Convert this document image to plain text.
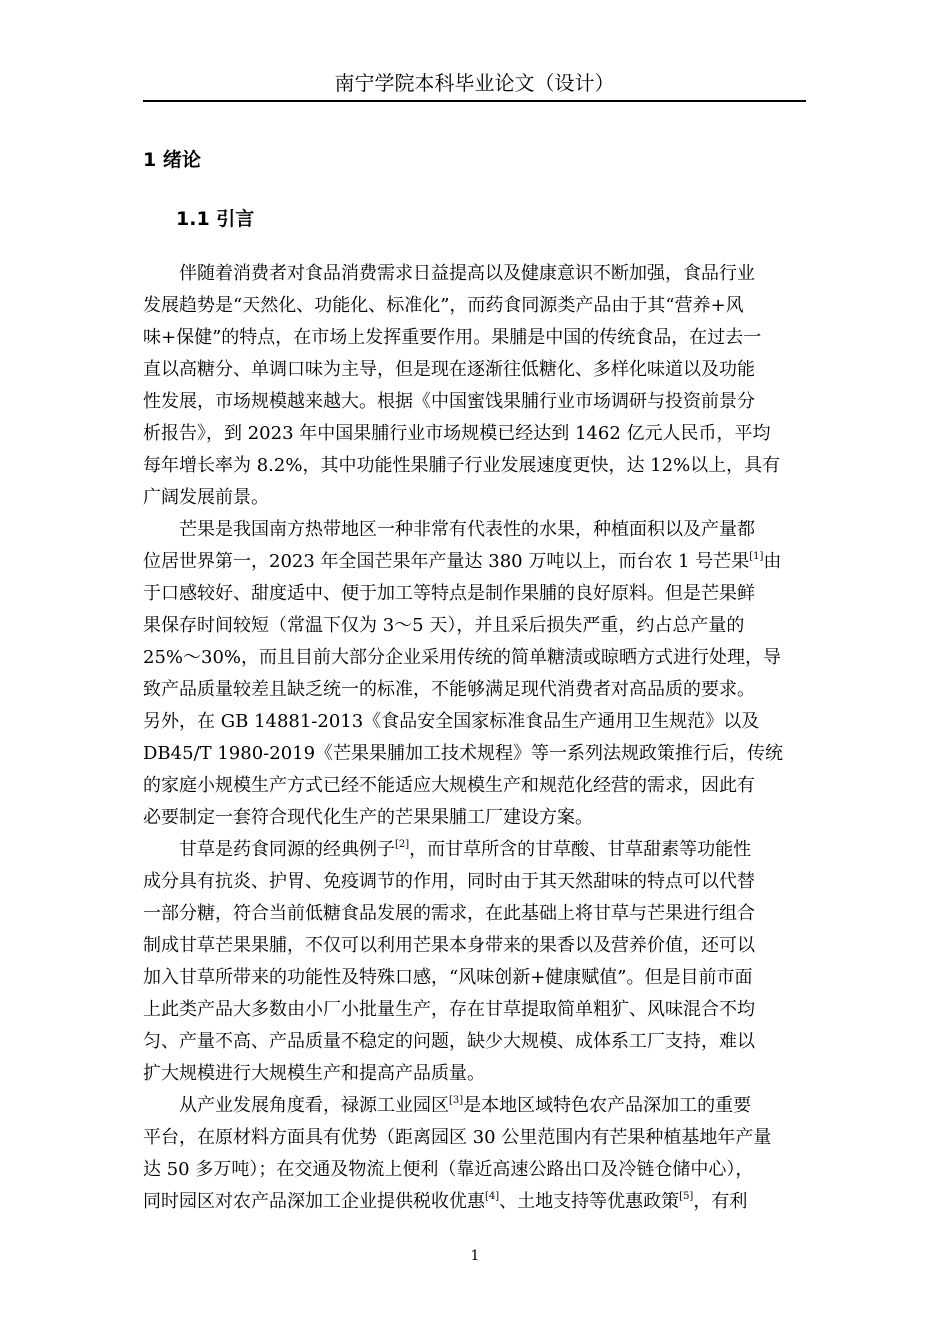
南宁学院本科毕业论文（设计）
1 绪论
1.1 引言
伴随着消费者对食品消费需求日益提高以及健康意识不断加强，食品行业
发展趋势是“天然化、功能化、标准化”，而药食同源类产品由于其“营养+风
味+保健”的特点，在市场上发挥重要作用。果脯是中国的传统食品，在过去一
直以高糖分、单调口味为主导，但是现在逐渐往低糖化、多样化味道以及功能
性发展，市场规模越来越大。根据《中国蜜饯果脯行业市场调研与投资前景分
析报告》，到 2023 年中国果脯行业市场规模已经达到 1462 亿元人民币，平均
每年增长率为 8.2%，其中功能性果脯子行业发展速度更快，达 12%以上，具有
广阔发展前景。
芒果是我国南方热带地区一种非常有代表性的水果，种植面积以及产量都
位居世界第一，2023 年全国芒果年产量达 380 万吨以上，而台农 1 号芒果[1]由
于口感较好、甜度适中、便于加工等特点是制作果脯的良好原料。但是芒果鲜
果保存时间较短（常温下仅为 3～5 天），并且采后损失严重，约占总产量的
25%～30%，而且目前大部分企业采用传统的简单糖渍或晾晒方式进行处理，导
致产品质量较差且缺乏统一的标准，不能够满足现代消费者对高品质的要求。
另外，在 GB 14881-2013《食品安全国家标准食品生产通用卫生规范》以及
DB45/T 1980-2019《芒果果脯加工技术规程》等一系列法规政策推行后，传统
的家庭小规模生产方式已经不能适应大规模生产和规范化经营的需求，因此有
必要制定一套符合现代化生产的芒果果脯工厂建设方案。
甘草是药食同源的经典例子[2]，而甘草所含的甘草酸、甘草甜素等功能性
成分具有抗炎、护胃、免疫调节的作用，同时由于其天然甜味的特点可以代替
一部分糖，符合当前低糖食品发展的需求，在此基础上将甘草与芒果进行组合
制成甘草芒果果脯，不仅可以利用芒果本身带来的果香以及营养价值，还可以
加入甘草所带来的功能性及特殊口感，“风味创新+健康赋值”。但是目前市面
上此类产品大多数由小厂小批量生产，存在甘草提取简单粗犷、风味混合不均
匀、产量不高、产品质量不稳定的问题，缺少大规模、成体系工厂支持，难以
扩大规模进行大规模生产和提高产品质量。
从产业发展角度看，禄源工业园区[3]是本地区域特色农产品深加工的重要
平台，在原材料方面具有优势（距离园区 30 公里范围内有芒果种植基地年产量
达 50 多万吨）；在交通及物流上便利（靠近高速公路出口及冷链仓储中心），
同时园区对农产品深加工企业提供税收优惠[4]、土地支持等优惠政策[5]，有利
1
